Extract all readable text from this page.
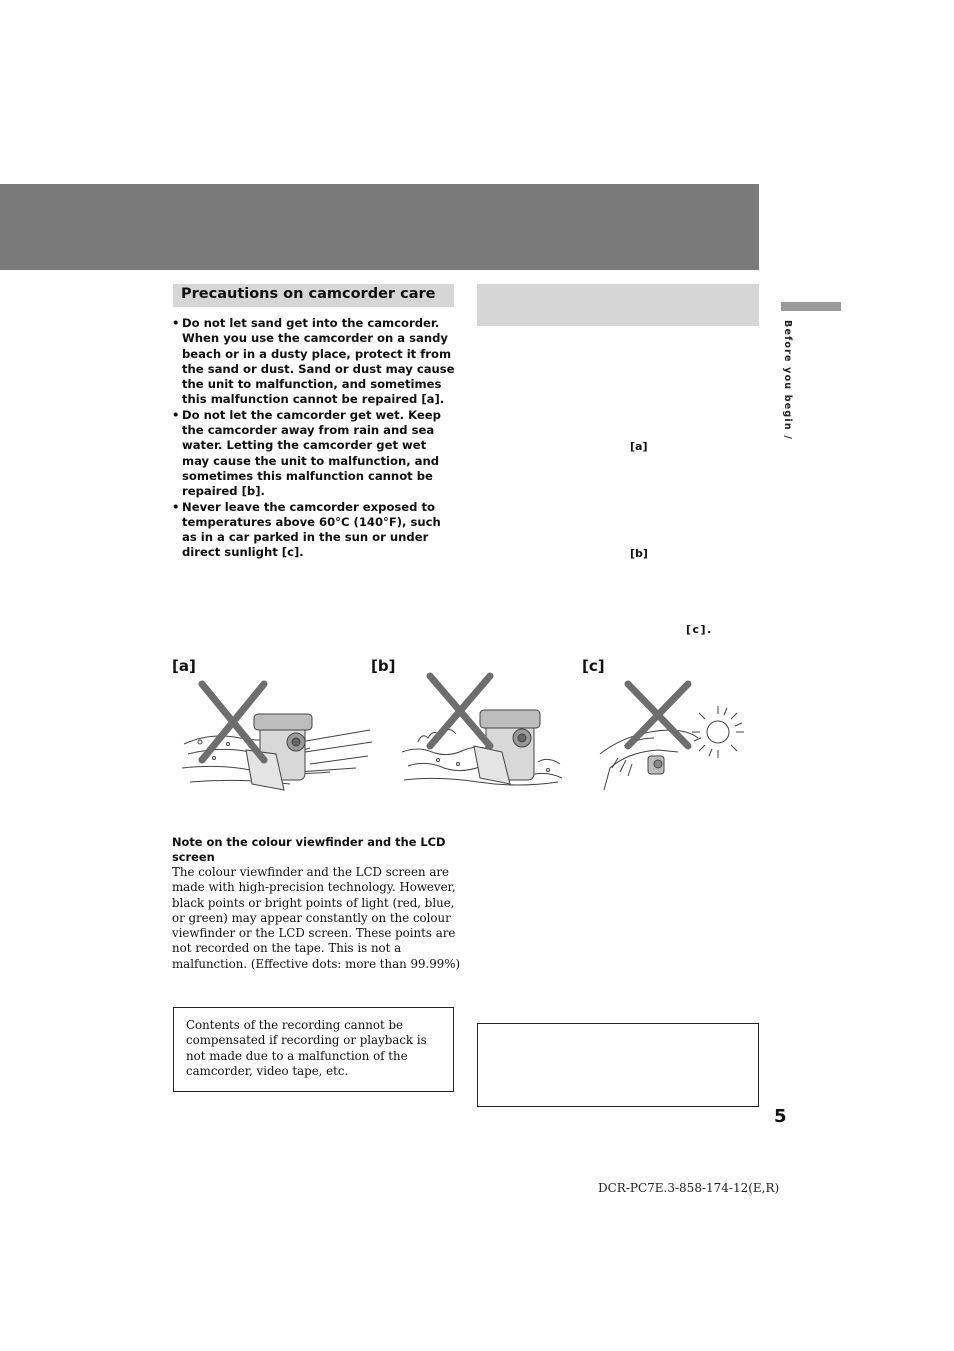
Before you begin /
Precautions on camcorder care
• Do not let sand get into the camcorder. When you use the camcorder on a sandy beach or in a dusty place, protect it from the sand or dust. Sand or dust may cause the unit to malfunction, and sometimes this malfunction cannot be repaired [a].
• Do not let the camcorder get wet. Keep the camcorder away from rain and sea water. Letting the camcorder get wet may cause the unit to malfunction, and sometimes this malfunction cannot be repaired [b].
• Never leave the camcorder exposed to temperatures above 60°C (140°F), such as in a car parked in the sun or under direct sunlight [c].
[a]
[b]
[c].
[a]	[b]	[c]
Note on the colour viewfinder and the LCD screen
The colour viewfinder and the LCD screen are made with high-precision technology. However, black points or bright points of light (red, blue, or green) may appear constantly on the colour viewfinder or the LCD screen. These points are not recorded on the tape. This is not a malfunction. (Effective dots: more than 99.99%)
Contents of the recording cannot be compensated if recording or playback is not made due to a malfunction of the camcorder, video tape, etc.
5
DCR-PC7E.3-858-174-12(E,R)
